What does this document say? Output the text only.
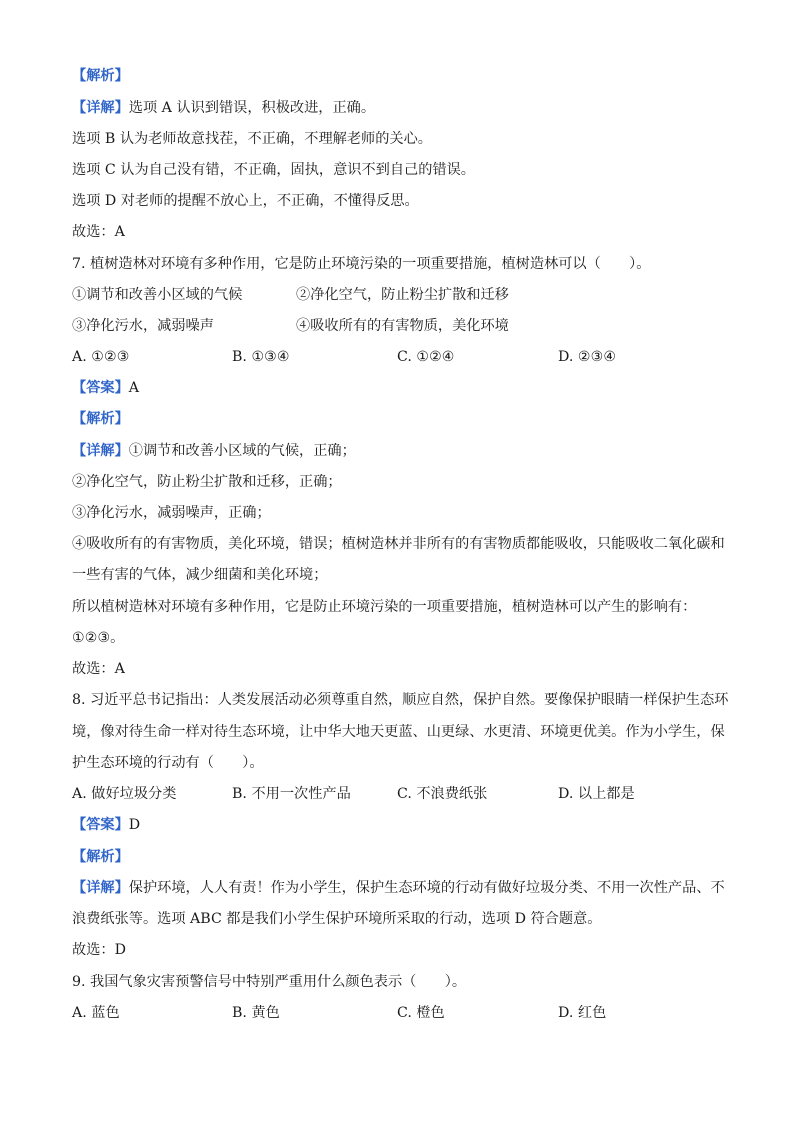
【解析】
【详解】选项 A 认识到错误，积极改进，正确。
选项 B 认为老师故意找茬，不正确，不理解老师的关心。
选项 C 认为自己没有错，不正确，固执，意识不到自己的错误。
选项 D 对老师的提醒不放心上，不正确，不懂得反思。
故选：A
7. 植树造林对环境有多种作用，它是防止环境污染的一项重要措施，植树造林可以（　　）。
①调节和改善小区域的气候	②净化空气，防止粉尘扩散和迁移
③净化污水，减弱噪声	④吸收所有的有害物质，美化环境
A. ①②③	B. ①③④	C. ①②④	D. ②③④
【答案】A
【解析】
【详解】①调节和改善小区域的气候，正确；
②净化空气，防止粉尘扩散和迁移，正确；
③净化污水，减弱噪声，正确；
④吸收所有的有害物质，美化环境，错误；植树造林并非所有的有害物质都能吸收，只能吸收二氧化碳和
一些有害的气体，减少细菌和美化环境；
所以植树造林对环境有多种作用，它是防止环境污染的一项重要措施，植树造林可以产生的影响有：
①②③。
故选：A
8. 习近平总书记指出：人类发展活动必须尊重自然，顺应自然，保护自然。要像保护眼睛一样保护生态环
境，像对待生命一样对待生态环境，让中华大地天更蓝、山更绿、水更清、环境更优美。作为小学生，保
护生态环境的行动有（　　）。
A. 做好垃圾分类	B. 不用一次性产品	C. 不浪费纸张	D. 以上都是
【答案】D
【解析】
【详解】保护环境，人人有责！作为小学生，保护生态环境的行动有做好垃圾分类、不用一次性产品、不
浪费纸张等。选项 ABC 都是我们小学生保护环境所采取的行动，选项 D 符合题意。
故选：D
9. 我国气象灾害预警信号中特别严重用什么颜色表示（　　）。
A. 蓝色	B. 黄色	C. 橙色	D. 红色
